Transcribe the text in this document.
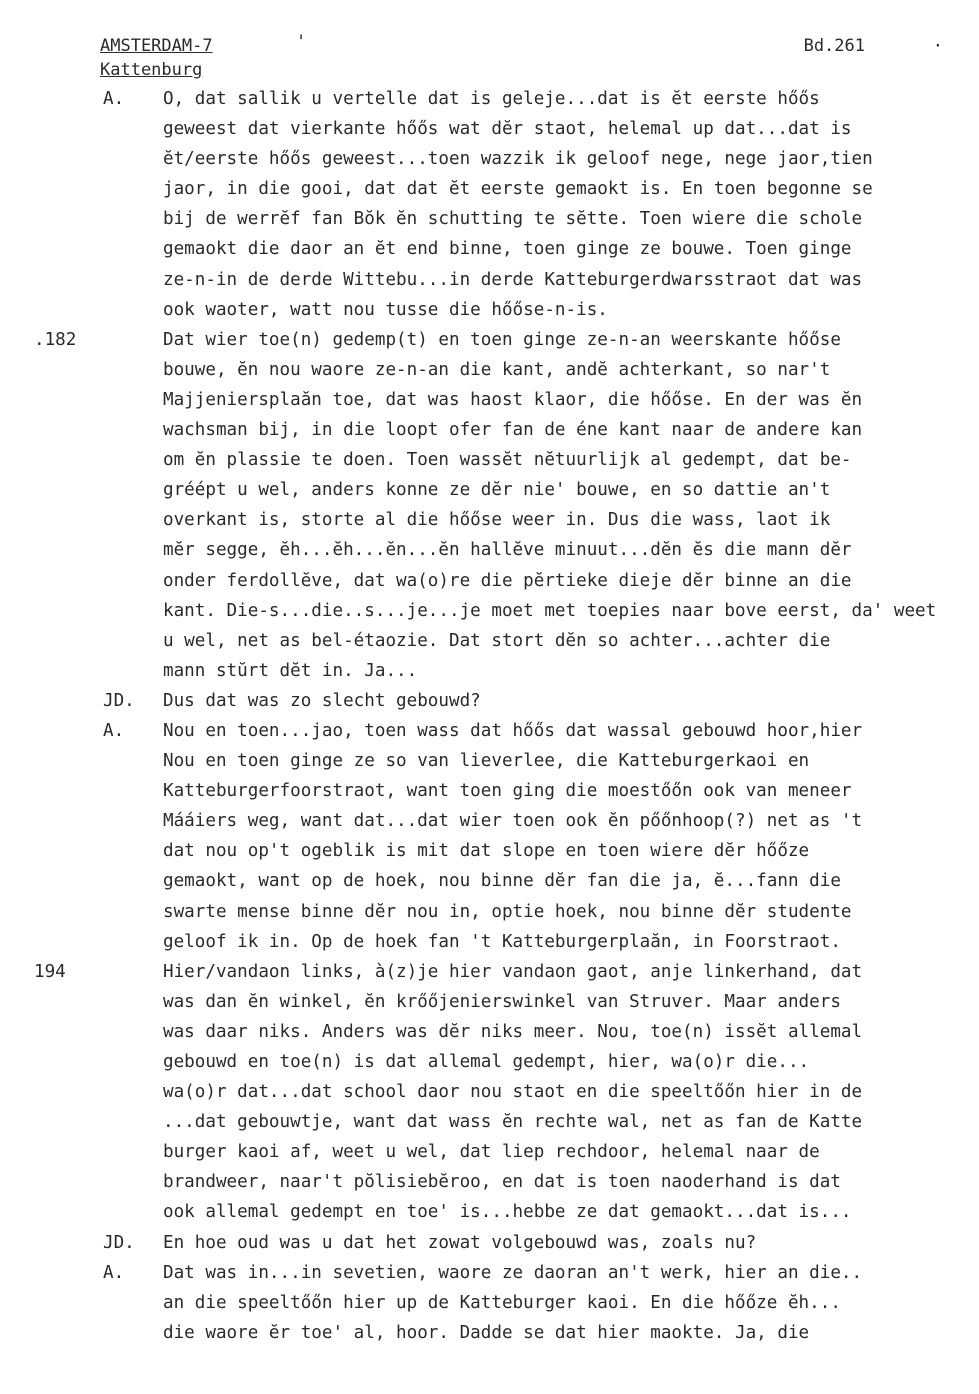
AMSTERDAM-7
Kattenburg
'	Bd.261	·
A. O, dat sallik u vertelle dat is geleje...dat is ĕt eerste hőős
geweest dat vierkante hőős wat dĕr staot, helemal up dat...dat is
ĕt/eerste hőős geweest...toen wazzik ik geloof nege, nege jaor,tien
jaor, in die gooi, dat dat ĕt eerste gemaokt is. En toen begonne se
bij de werrĕf fan Bŏk ĕn schutting te sĕtte. Toen wiere die schole
gemaokt die daor an ĕt end binne, toen ginge ze bouwe. Toen ginge
ze-n-in de derde Wittebu...in derde Katteburgerdwarsstraot dat was
ook waoter, watt nou tusse die hőőse-n-is.
.182	Dat wier toe(n) gedemp(t) en toen ginge ze-n-an weerskante hőőse
bouwe, ĕn nou waore ze-n-an die kant, andĕ achterkant, so nar't
Majjeniersplaăn toe, dat was haost klaor, die hőőse. En der was ĕn
wachsman bij, in die loopt ofer fan de éne kant naar de andere kan
om ĕn plassie te doen. Toen wassĕt nĕtuurlijk al gedempt, dat be-
gréépt u wel, anders konne ze dĕr nie' bouwe, en so dattie an't
overkant is, storte al die hőőse weer in. Dus die wass, laot ik
mĕr segge, ĕh...ĕh...ĕn...ĕn hallĕve minuut...dĕn ĕs die mann dĕr
onder ferdollĕve, dat wa(o)re die pĕrtieke dieje dĕr binne an die
kant. Die-s...die..s...je...je moet met toepies naar bove eerst, da' weet
u wel, net as bel-étaozie. Dat stort dĕn so achter...achter die
mann stŭrt dĕt in. Ja...
JD. Dus dat was zo slecht gebouwd?
A. Nou en toen...jao, toen wass dat hőős dat wassal gebouwd hoor,hier
Nou en toen ginge ze so van lieverlee, die Katteburgerkaoi en
Katteburgerfoorstraot, want toen ging die moestőőn ook van meneer
Mááiers weg, want dat...dat wier toen ook ĕn pőőnhoop(?) net as 't
dat nou op't ogeblik is mit dat slope en toen wiere dĕr hőőze
gemaokt, want op de hoek, nou binne dĕr fan die ja, ĕ...fann die
swarte mense binne dĕr nou in, optie hoek, nou binne dĕr studente
geloof ik in. Op de hoek fan 't Katteburgerplaăn, in Foorstraot.
194	Hier/vandaon links, à(z)je hier vandaon gaot, anje linkerhand, dat
was dan ĕn winkel, ĕn krőőjenierswinkel van Struver. Maar anders
was daar niks. Anders was dĕr niks meer. Nou, toe(n) issĕt allemal
gebouwd en toe(n) is dat allemal gedempt, hier, wa(o)r die...
wa(o)r dat...dat school daor nou staot en die speeltőőn hier in de
...dat gebouwtje, want dat wass ĕn rechte wal, net as fan de Katte
burger kaoi af, weet u wel, dat liep rechdoor, helemal naar de
brandweer, naar't pŏlisiebĕroo, en dat is toen naoderhand is dat
ook allemal gedempt en toe' is...hebbe ze dat gemaokt...dat is...
JD. En hoe oud was u dat het zowat volgebouwd was, zoals nu?
A. Dat was in...in sevetien, waore ze daoran an't werk, hier an die..
an die speeltőőn hier up de Katteburger kaoi. En die hőőze ĕh...
die waore ĕr toe' al, hoor. Dadde se dat hier maokte. Ja, die
